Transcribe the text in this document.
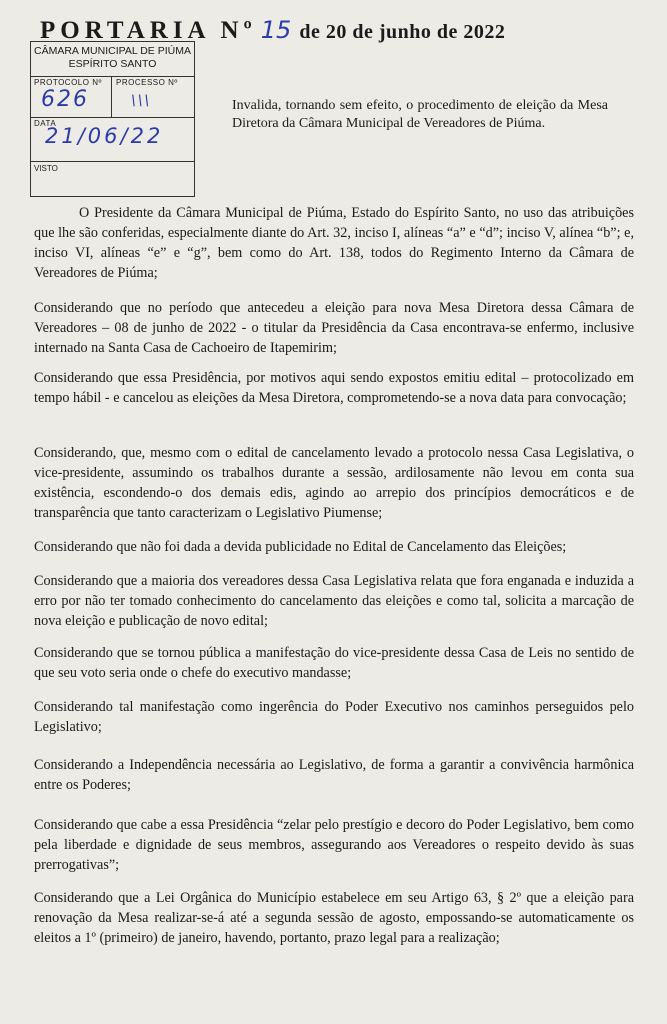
PORTARIA Nº 15 de 20 de junho de 2022
CÂMARA MUNICIPAL DE PIÚMA
ESPÍRITO SANTO
PROTOCOLO Nº
626
PROCESSO Nº
\\\
DATA
21/06/22
VISTO
Invalida, tornando sem efeito, o procedimento de eleição da Mesa Diretora da Câmara Municipal de Vereadores de Piúma.
O Presidente da Câmara Municipal de Piúma, Estado do Espírito Santo, no uso das atribuições que lhe são conferidas, especialmente diante do Art. 32, inciso I, alíneas “a” e “d”; inciso V, alínea “b”; e, inciso VI, alíneas “e” e “g”, bem como do Art. 138, todos do Regimento Interno da Câmara de Vereadores de Piúma;
Considerando que no período que antecedeu a eleição para nova Mesa Diretora dessa Câmara de Vereadores – 08 de junho de 2022 - o titular da Presidência da Casa encontrava-se enfermo, inclusive internado na Santa Casa de Cachoeiro de Itapemirim;
Considerando que essa Presidência, por motivos aqui sendo expostos emitiu edital – protocolizado em tempo hábil - e cancelou as eleições da Mesa Diretora, comprometendo-se a nova data para convocação;
Considerando, que, mesmo com o edital de cancelamento levado a protocolo nessa Casa Legislativa, o vice-presidente, assumindo os trabalhos durante a sessão, ardilosamente não levou em conta sua existência, escondendo-o dos demais edis, agindo ao arrepio dos princípios democráticos e de transparência que tanto caracterizam o Legislativo Piumense;
Considerando que não foi dada a devida publicidade no Edital de Cancelamento das Eleições;
Considerando que a maioria dos vereadores dessa Casa Legislativa relata que fora enganada e induzida a erro por não ter tomado conhecimento do cancelamento das eleições e como tal, solicita a marcação de nova eleição e publicação de novo edital;
Considerando que se tornou pública a manifestação do vice-presidente dessa Casa de Leis no sentido de que seu voto seria onde o chefe do executivo mandasse;
Considerando tal manifestação como ingerência do Poder Executivo nos caminhos perseguidos pelo Legislativo;
Considerando a Independência necessária ao Legislativo, de forma a garantir a convivência harmônica entre os Poderes;
Considerando que cabe a essa Presidência “zelar pelo prestígio e decoro do Poder Legislativo, bem como pela liberdade e dignidade de seus membros, assegurando aos Vereadores o respeito devido às suas prerrogativas”;
Considerando que a Lei Orgânica do Município estabelece em seu Artigo 63, § 2º que a eleição para renovação da Mesa realizar-se-á até a segunda sessão de agosto, empossando-se automaticamente os eleitos a 1º (primeiro) de janeiro, havendo, portanto, prazo legal para a realização;
